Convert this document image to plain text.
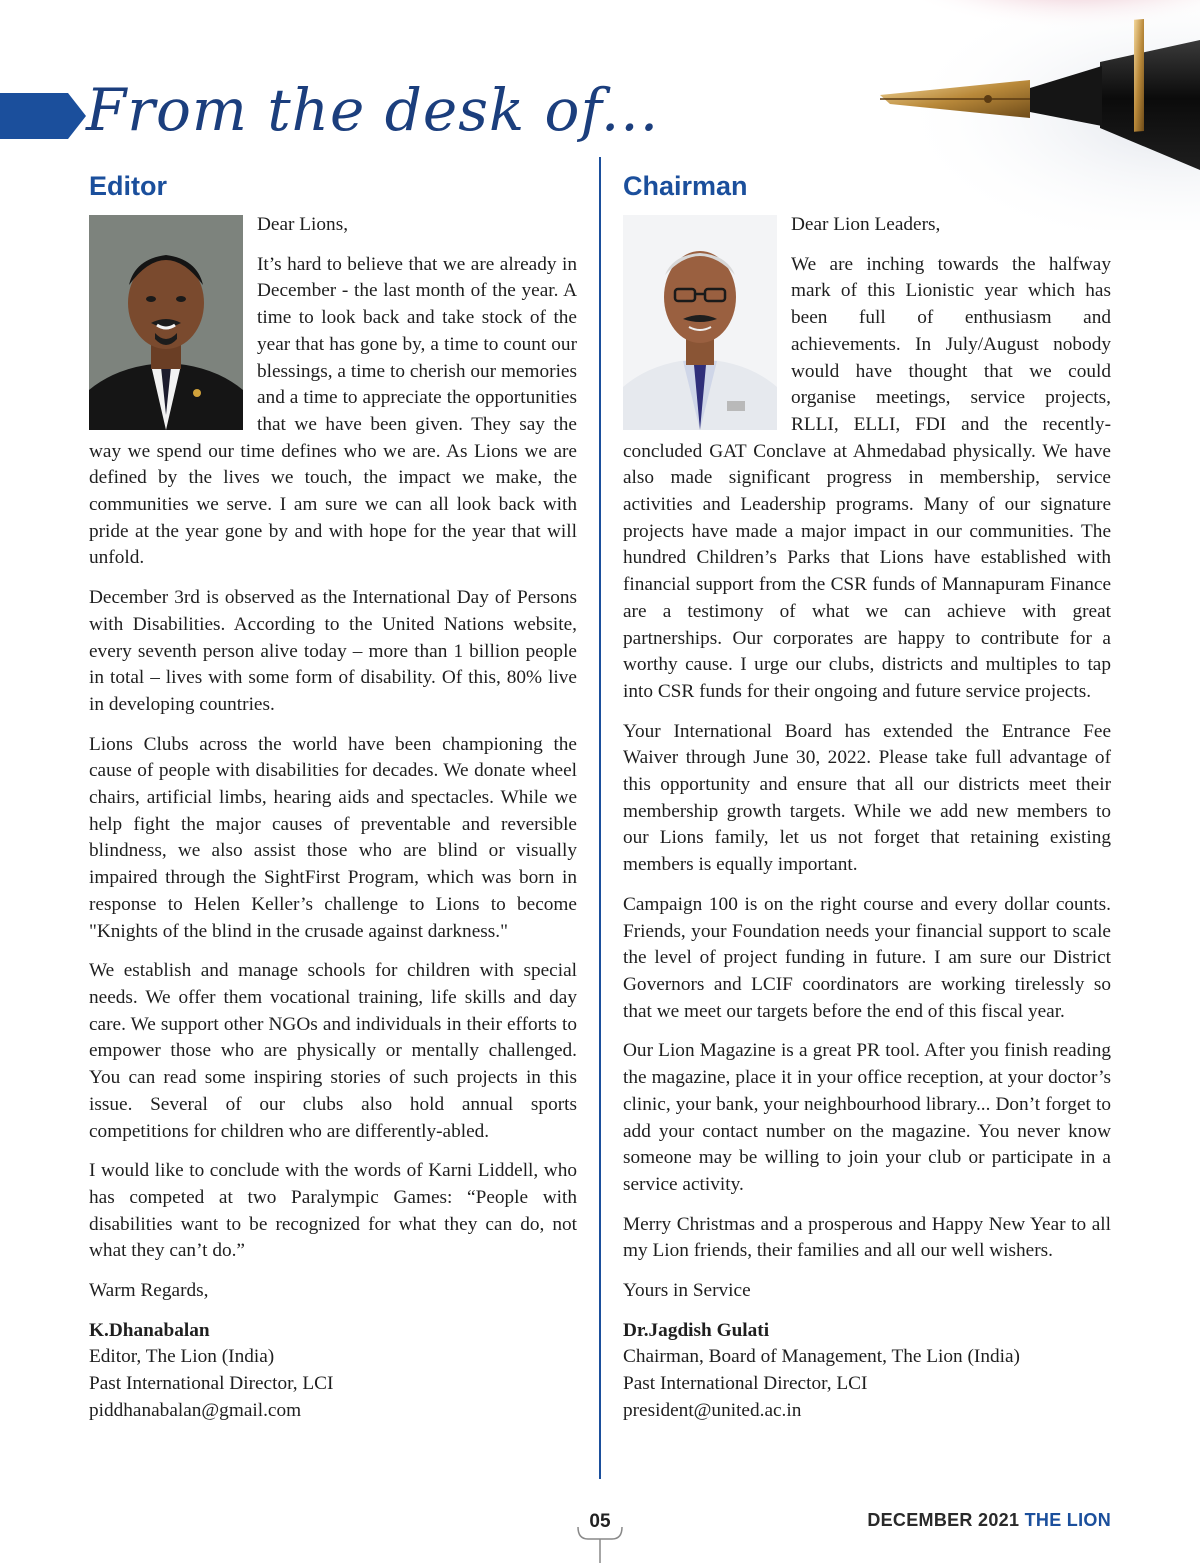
From the desk of...
Editor

Dear Lions,

It’s hard to believe that we are already in December - the last month of the year. A time to look back and take stock of the year that has gone by, a time to count our blessings, a time to cherish our memories and a time to appreciate the opportunities that we have been given. They say the way we spend our time defines who we are. As Lions we are defined by the lives we touch, the impact we make, the communities we serve. I am sure we can all look back with pride at the year gone by and with hope for the year that will unfold.

December 3rd is observed as the International Day of Persons with Disabilities. According to the United Nations website, every seventh person alive today – more than 1 billion people in total – lives with some form of disability. Of this, 80% live in developing countries.

Lions Clubs across the world have been championing the cause of people with disabilities for decades. We donate wheel chairs, artificial limbs, hearing aids and spectacles. While we help fight the major causes of preventable and reversible blindness, we also assist those who are blind or visually impaired through the SightFirst Program, which was born in response to Helen Keller’s challenge to Lions to become "Knights of the blind in the crusade against darkness."

We establish and manage schools for children with special needs. We offer them vocational training, life skills and day care. We support other NGOs and individuals in their efforts to empower those who are physically or mentally challenged. You can read some inspiring stories of such projects in this issue. Several of our clubs also hold annual sports competitions for children who are differently-abled.

I would like to conclude with the words of Karni Liddell, who has competed at two Paralympic Games: “People with disabilities want to be recognized for what they can do, not what they can’t do.”

Warm Regards,

K.Dhanabalan

Editor, The Lion (India)

Past International Director, LCI

piddhanabalan@gmail.com

Chairman

Dear Lion Leaders,

We are inching towards the halfway mark of this Lionistic year which has been full of enthusiasm and achievements. In July/August nobody would have thought that we could organise meetings, service projects, RLLI, ELLI, FDI and the recently-concluded GAT Conclave at Ahmedabad physically. We have also made significant progress in membership, service activities and Leadership programs. Many of our signature projects have made a major impact in our communities. The hundred Children’s Parks that Lions have established with financial support from the CSR funds of Mannapuram Finance are a testimony of what we can achieve with great partnerships. Our corporates are happy to contribute for a worthy cause. I urge our clubs, districts and multiples to tap into CSR funds for their ongoing and future service projects.

Your International Board has extended the Entrance Fee Waiver through June 30, 2022. Please take full advantage of this opportunity and ensure that all our districts meet their membership growth targets. While we add new members to our Lions family, let us not forget that retaining existing members is equally important.

Campaign 100 is on the right course and every dollar counts. Friends, your Foundation needs your financial support to scale the level of project funding in future. I am sure our District Governors and LCIF coordinators are working tirelessly so that we meet our targets before the end of this fiscal year.

Our Lion Magazine is a great PR tool. After you finish reading the magazine, place it in your office reception, at your doctor’s clinic, your bank, your neighbourhood library... Don’t forget to add your contact number on the magazine. You never know someone may be willing to join your club or participate in a service activity.

Merry Christmas and a prosperous and Happy New Year to all my Lion friends, their families and all our well wishers.

Yours in Service

Dr.Jagdish Gulati

Chairman, Board of Management, The Lion (India)

Past International Director, LCI

president@united.ac.in

05	DECEMBER 2021 THE LION
